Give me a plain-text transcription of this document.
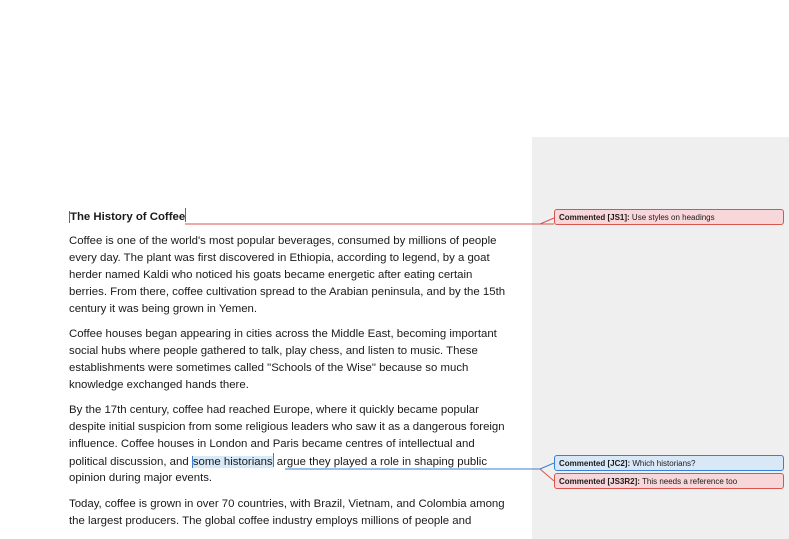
The History of Coffee
Coffee is one of the world's most popular beverages, consumed by millions of people
every day. The plant was first discovered in Ethiopia, according to legend, by a goat
herder named Kaldi who noticed his goats became energetic after eating certain
berries. From there, coffee cultivation spread to the Arabian peninsula, and by the 15th
century it was being grown in Yemen.
Coffee houses began appearing in cities across the Middle East, becoming important
social hubs where people gathered to talk, play chess, and listen to music. These
establishments were sometimes called "Schools of the Wise" because so much
knowledge exchanged hands there.
By the 17th century, coffee had reached Europe, where it quickly became popular
despite initial suspicion from some religious leaders who saw it as a dangerous foreign
influence. Coffee houses in London and Paris became centres of intellectual and
political discussion, and some historians argue they played a role in shaping public
opinion during major events.
Today, coffee is grown in over 70 countries, with Brazil, Vietnam, and Colombia among
the largest producers. The global coffee industry employs millions of people and
Commented [JS1]: Use styles on headings
Commented [JC2]: Which historians?
Commented [JS3R2]: This needs a reference too
